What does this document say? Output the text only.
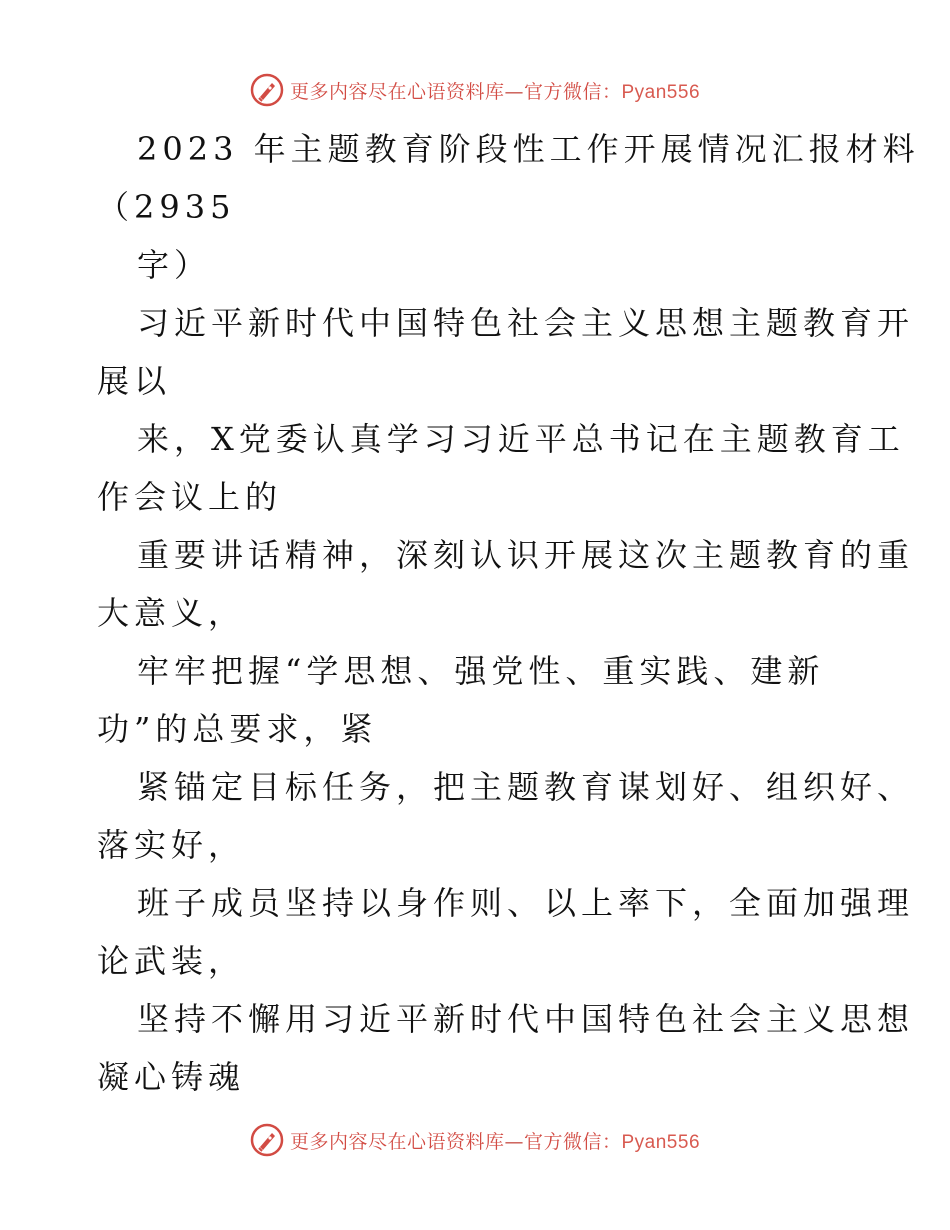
更多内容尽在心语资料库—官方微信：Pyan556
2023 年主题教育阶段性工作开展情况汇报材料
（2935
字）
习近平新时代中国特色社会主义思想主题教育开
展以
来，X党委认真学习习近平总书记在主题教育工
作会议上的
重要讲话精神，深刻认识开展这次主题教育的重
大意义，
牢牢把握“学思想、强党性、重实践、建新
功”的总要求，紧
紧锚定目标任务，把主题教育谋划好、组织好、
落实好，
班子成员坚持以身作则、以上率下，全面加强理
论武装，
坚持不懈用习近平新时代中国特色社会主义思想
凝心铸魂
更多内容尽在心语资料库—官方微信：Pyan556
